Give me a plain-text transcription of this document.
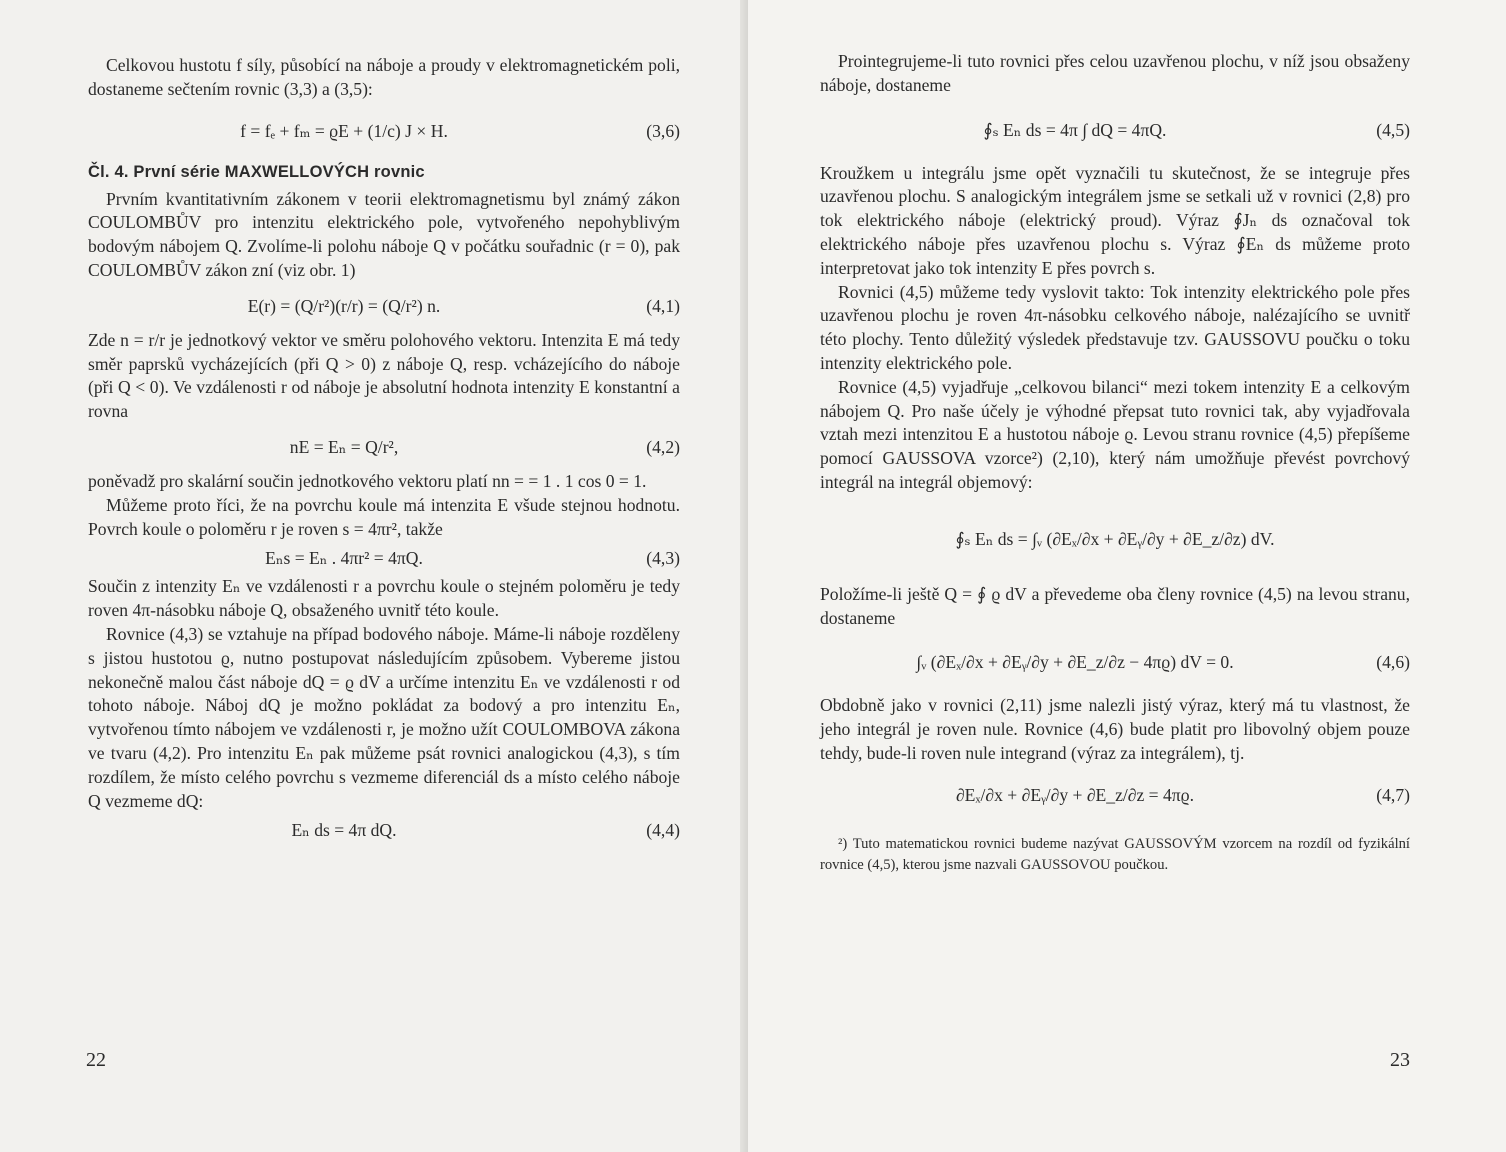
Celkovou hustotu f síly, působící na náboje a proudy v elektromagnetickém poli, dostaneme sečtením rovnic (3,3) a (3,5):

f = fₑ + fₘ = ϱE + (1/c) J × H.	(3,6)
Čl. 4. První série MAXWELLOVÝCH rovnic

Prvním kvantitativním zákonem v teorii elektromagnetismu byl známý zákon COULOMBŮV pro intenzitu elektrického pole, vytvořeného nepohyblivým bodovým nábojem Q. Zvolíme-li polohu náboje Q v počátku souřadnic (r = 0), pak COULOMBŮV zákon zní (viz obr. 1)

E(r) = (Q/r²)(r/r) = (Q/r²) n.	(4,1)

Zde n = r/r je jednotkový vektor ve směru polohového vektoru. Intenzita E má tedy směr paprsků vycházejících (při Q > 0) z náboje Q, resp. vcházejícího do náboje (při Q < 0). Ve vzdálenosti r od náboje je absolutní hodnota intenzity E konstantní a rovna

nE = Eₙ = Q/r²,	(4,2)

poněvadž pro skalární součin jednotkového vektoru platí nn = = 1 . 1 cos 0 = 1.

Můžeme proto říci, že na povrchu koule má intenzita E všude stejnou hodnotu. Povrch koule o poloměru r je roven s = 4πr², takže

Eₙs = Eₙ . 4πr² = 4πQ.	(4,3)

Součin z intenzity Eₙ ve vzdálenosti r a povrchu koule o stejném poloměru je tedy roven 4π-násobku náboje Q, obsaženého uvnitř této koule.

Rovnice (4,3) se vztahuje na případ bodového náboje. Máme-li náboje rozděleny s jistou hustotou ϱ, nutno postupovat následujícím způsobem. Vybereme jistou nekonečně malou část náboje dQ = ϱ dV a určíme intenzitu Eₙ ve vzdálenosti r od tohoto náboje. Náboj dQ je možno pokládat za bodový a pro intenzitu Eₙ, vytvořenou tímto nábojem ve vzdálenosti r, je možno užít COULOMBOVA zákona ve tvaru (4,2). Pro intenzitu Eₙ pak můžeme psát rovnici analogickou (4,3), s tím rozdílem, že místo celého povrchu s vezmeme diferenciál ds a místo celého náboje Q vezmeme dQ:

Eₙ ds = 4π dQ.	(4,4)
22

Prointegrujeme-li tuto rovnici přes celou uzavřenou plochu, v níž jsou obsaženy náboje, dostaneme

∮ₛ Eₙ ds = 4π ∫ dQ = 4πQ.	(4,5)

Kroužkem u integrálu jsme opět vyznačili tu skutečnost, že se integruje přes uzavřenou plochu. S analogickým integrálem jsme se setkali už v rovnici (2,8) pro tok elektrického náboje (elektrický proud). Výraz ∮Jₙ ds označoval tok elektrického náboje přes uzavřenou plochu s. Výraz ∮Eₙ ds můžeme proto interpretovat jako tok intenzity E přes povrch s.

Rovnici (4,5) můžeme tedy vyslovit takto: Tok intenzity elektrického pole přes uzavřenou plochu je roven 4π-násobku celkového náboje, nalézajícího se uvnitř této plochy. Tento důležitý výsledek představuje tzv. GAUSSOVU poučku o toku intenzity elektrického pole.

Rovnice (4,5) vyjadřuje „celkovou bilanci“ mezi tokem intenzity E a celkovým nábojem Q. Pro naše účely je výhodné přepsat tuto rovnici tak, aby vyjadřovala vztah mezi intenzitou E a hustotou náboje ϱ. Levou stranu rovnice (4,5) přepíšeme pomocí GAUSSOVA vzorce²) (2,10), který nám umožňuje převést povrchový integrál na integrál objemový:

∮ₛ Eₙ ds = ∫ᵥ (∂Eₓ/∂x + ∂Eᵧ/∂y + ∂E_z/∂z) dV.

Položíme-li ještě Q = ∮ ϱ dV a převedeme oba členy rovnice (4,5) na levou stranu, dostaneme

∫ᵥ (∂Eₓ/∂x + ∂Eᵧ/∂y + ∂E_z/∂z − 4πϱ) dV = 0.	(4,6)

Obdobně jako v rovnici (2,11) jsme nalezli jistý výraz, který má tu vlastnost, že jeho integrál je roven nule. Rovnice (4,6) bude platit pro libovolný objem pouze tehdy, bude-li roven nule integrand (výraz za integrálem), tj.

∂Eₓ/∂x + ∂Eᵧ/∂y + ∂E_z/∂z = 4πϱ.	(4,7)

²) Tuto matematickou rovnici budeme nazývat GAUSSOVÝM vzorcem na rozdíl od fyzikální rovnice (4,5), kterou jsme nazvali GAUSSOVOU poučkou.

23
